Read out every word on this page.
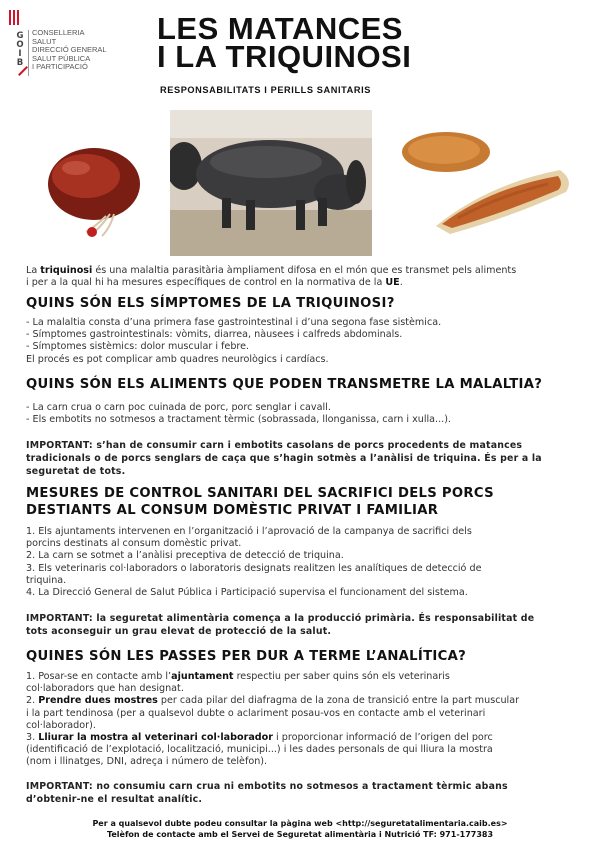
G
O
I
B
CONSELLERIA
SALUT
DIRECCIÓ GENERAL
SALUT PÚBLICA
I PARTICIPACIÓ
LES MATANCES
I LA TRIQUINOSI
RESPONSABILITATS I PERILLS SANITARIS

La triquinosi és una malaltia parasitària àmpliament difosa en el món que es transmet pels aliments
i per a la qual hi ha mesures específiques de control en la normativa de la UE.

QUINS SÓN ELS SÍMPTOMES DE LA TRIQUINOSI?

- La malaltia consta d’una primera fase gastrointestinal i d’una segona fase sistèmica.
- Símptomes gastrointestinals: vòmits, diarrea, nàusees i calfreds abdominals.
- Símptomes sistèmics: dolor muscular i febre.
El procés es pot complicar amb quadres neurològics i cardíacs.

QUINS SÓN ELS ALIMENTS QUE PODEN TRANSMETRE LA MALALTIA?

- La carn crua o carn poc cuinada de porc, porc senglar i cavall.
- Els embotits no sotmesos a tractament tèrmic (sobrassada, llonganissa, carn i xulla...).

IMPORTANT: s’han de consumir carn i embotits casolans de porcs procedents de matances
tradicionals o de porcs senglars de caça que s’hagin sotmès a l’anàlisi de triquina. És per a la
seguretat de tots.

MESURES DE CONTROL SANITARI DEL SACRIFICI DELS PORCS
DESTIANTS AL CONSUM DOMÈSTIC PRIVAT I FAMILIAR

1. Els ajuntaments intervenen en l’organització i l’aprovació de la campanya de sacrifici dels
porcins destinats al consum domèstic privat.
2. La carn se sotmet a l’anàlisi preceptiva de detecció de triquina.
3. Els veterinaris col·laboradors o laboratoris designats realitzen les analítiques de detecció de
triquina.
4. La Direcció General de Salut Pública i Participació supervisa el funcionament del sistema.

IMPORTANT: la seguretat alimentària comença a la producció primària. És responsabilitat de
tots aconseguir un grau elevat de protecció de la salut.

QUINES SÓN LES PASSES PER DUR A TERME L’ANALÍTICA?

1. Posar-se en contacte amb l’ajuntament respectiu per saber quins són els veterinaris
col·laboradors que han designat.
2. Prendre dues mostres per cada pilar del diafragma de la zona de transició entre la part muscular
i la part tendinosa (per a qualsevol dubte o aclariment posau-vos en contacte amb el veterinari
col·laborador).
3. Lliurar la mostra al veterinari col·laborador i proporcionar informació de l’origen del porc
(identificació de l’explotació, localització, municipi...) i les dades personals de qui lliura la mostra
(nom i llinatges, DNI, adreça i número de telèfon).

IMPORTANT: no consumiu carn crua ni embotits no sotmesos a tractament tèrmic abans
d’obtenir-ne el resultat analític.

Per a qualsevol dubte podeu consultar la pàgina web <http://seguretatalimentaria.caib.es>
Telèfon de contacte amb el Servei de Seguretat alimentària i Nutrició TF: 971-177383
